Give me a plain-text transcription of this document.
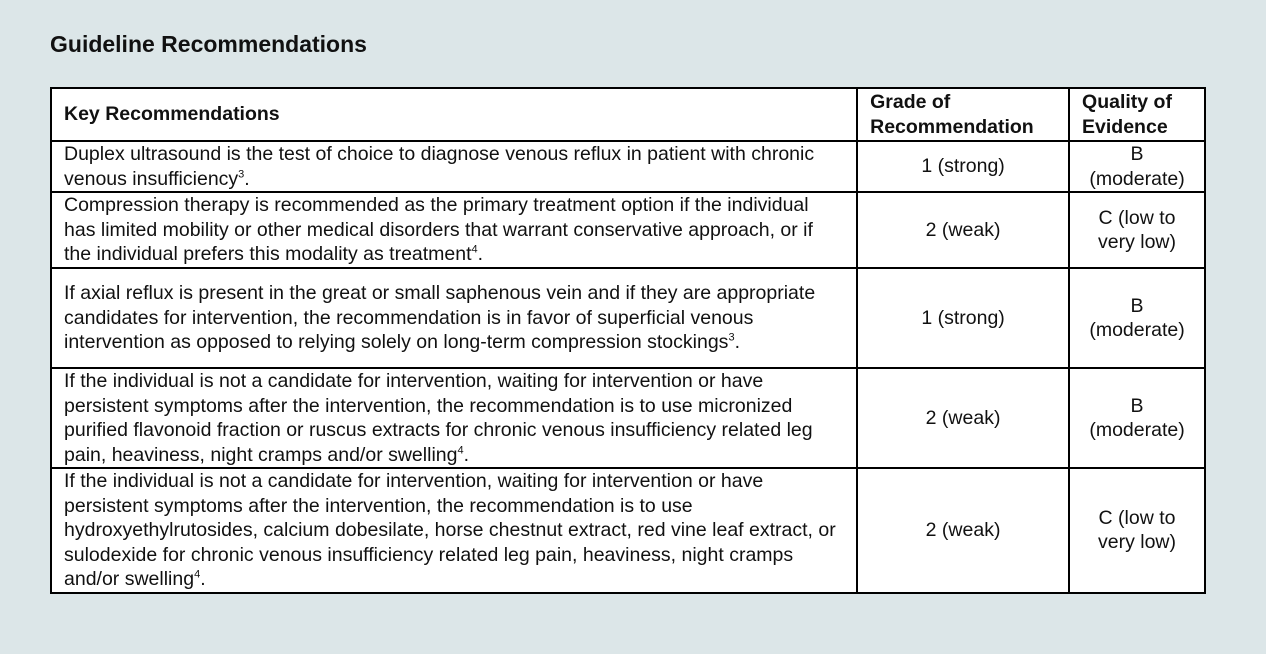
Guideline Recommendations
Key Recommendations	Grade of Recommendation	Quality of Evidence
Duplex ultrasound is the test of choice to diagnose venous reflux in patient with chronic venous insufficiency$^3$.	1 (strong)	B (moderate)
Compression therapy is recommended as the primary treatment option if the individual has limited mobility or other medical disorders that warrant conservative approach, or if the individual prefers this modality as treatment$^4$.	2 (weak)	C (low to very low)
If axial reflux is present in the great or small saphenous vein and if they are appropriate candidates for intervention, the recommendation is in favor of superficial venous intervention as opposed to relying solely on long-term compression stockings$^3$.	1 (strong)	B (moderate)
If the individual is not a candidate for intervention, waiting for intervention or have persistent symptoms after the intervention, the recommendation is to use micronized purified flavonoid fraction or ruscus extracts for chronic venous insufficiency related leg pain, heaviness, night cramps and/or swelling$^4$.	2 (weak)	B (moderate)
If the individual is not a candidate for intervention, waiting for intervention or have persistent symptoms after the intervention, the recommendation is to use hydroxyethylrutosides, calcium dobesilate, horse chestnut extract, red vine leaf extract, or sulodexide for chronic venous insufficiency related leg pain, heaviness, night cramps and/or swelling$^4$.	2 (weak)	C (low to very low)
